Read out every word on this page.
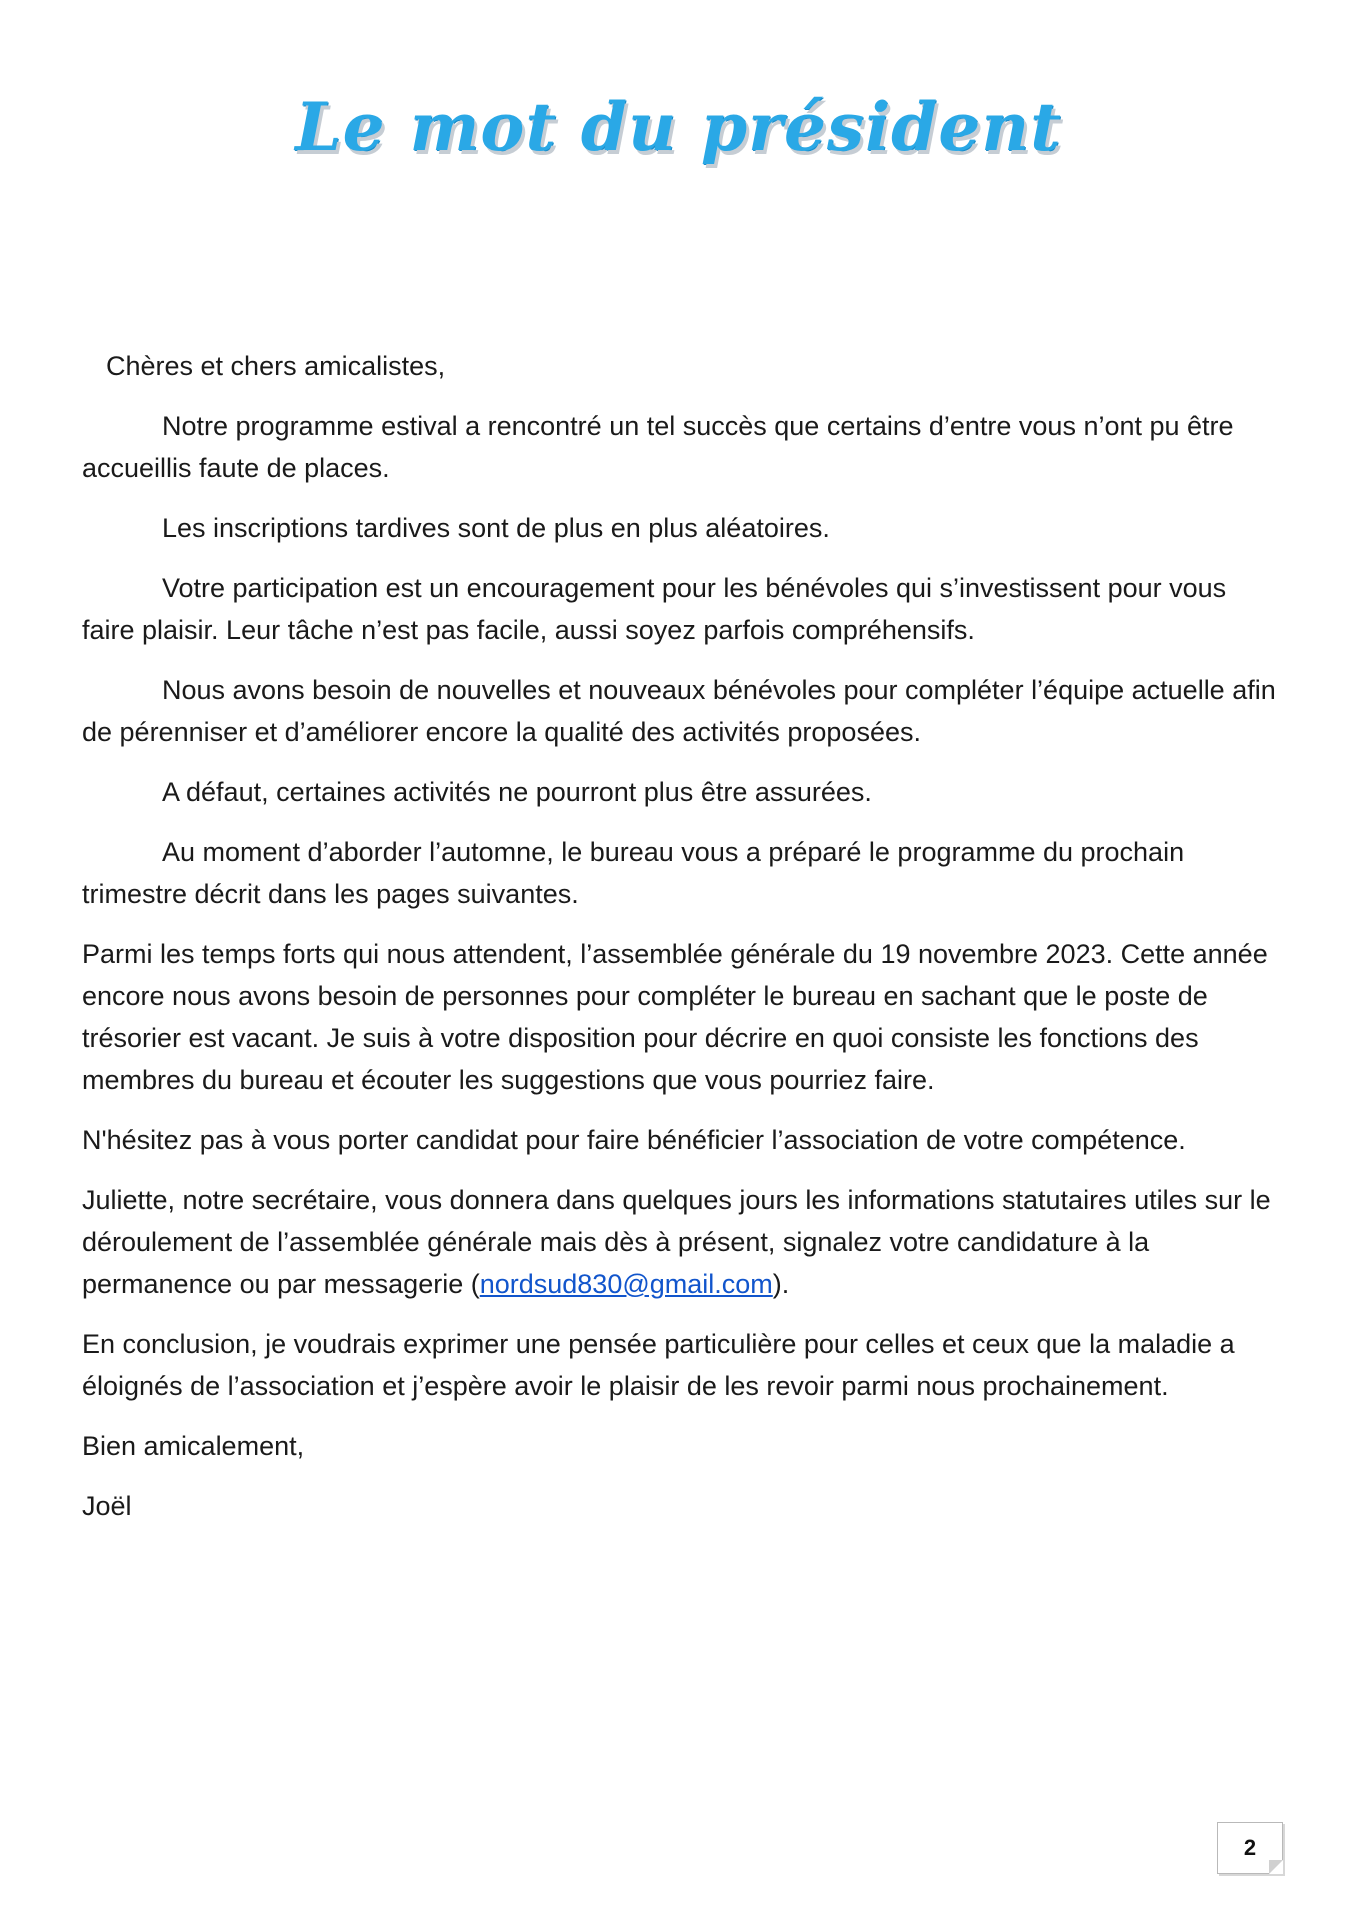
Le mot du président

Chères et chers amicalistes,

Notre programme estival a rencontré un tel succès que certains d’entre vous n’ont pu être accueillis faute de places.

Les inscriptions tardives sont de plus en plus aléatoires.

Votre participation est un encouragement pour les bénévoles qui s’investissent pour vous faire plaisir. Leur tâche n’est pas facile, aussi soyez parfois compréhensifs.

Nous avons besoin de nouvelles et nouveaux bénévoles pour compléter l’équipe actuelle afin de pérenniser et d’améliorer encore la qualité des activités proposées.

A défaut, certaines activités ne pourront plus être assurées.

Au moment d’aborder l’automne, le bureau vous a préparé le programme du prochain trimestre décrit dans les pages suivantes.

Parmi les temps forts qui nous attendent, l’assemblée générale du 19 novembre 2023. Cette année encore nous avons besoin de personnes pour compléter le bureau en sachant que le poste de trésorier est vacant. Je suis à votre disposition pour décrire en quoi consiste les fonctions des membres du bureau et écouter les suggestions que vous pourriez faire.

N'hésitez pas à vous porter candidat pour faire bénéficier l’association de votre compétence.

Juliette, notre secrétaire, vous donnera dans quelques jours les informations statutaires utiles sur le déroulement de l’assemblée générale mais dès à présent, signalez votre candidature à la permanence ou par messagerie (nordsud830@gmail.com).

En conclusion, je voudrais exprimer une pensée particulière pour celles et ceux que la maladie a éloignés de l’association et j’espère avoir le plaisir de les revoir parmi nous prochainement.

Bien amicalement,

Joël

2
